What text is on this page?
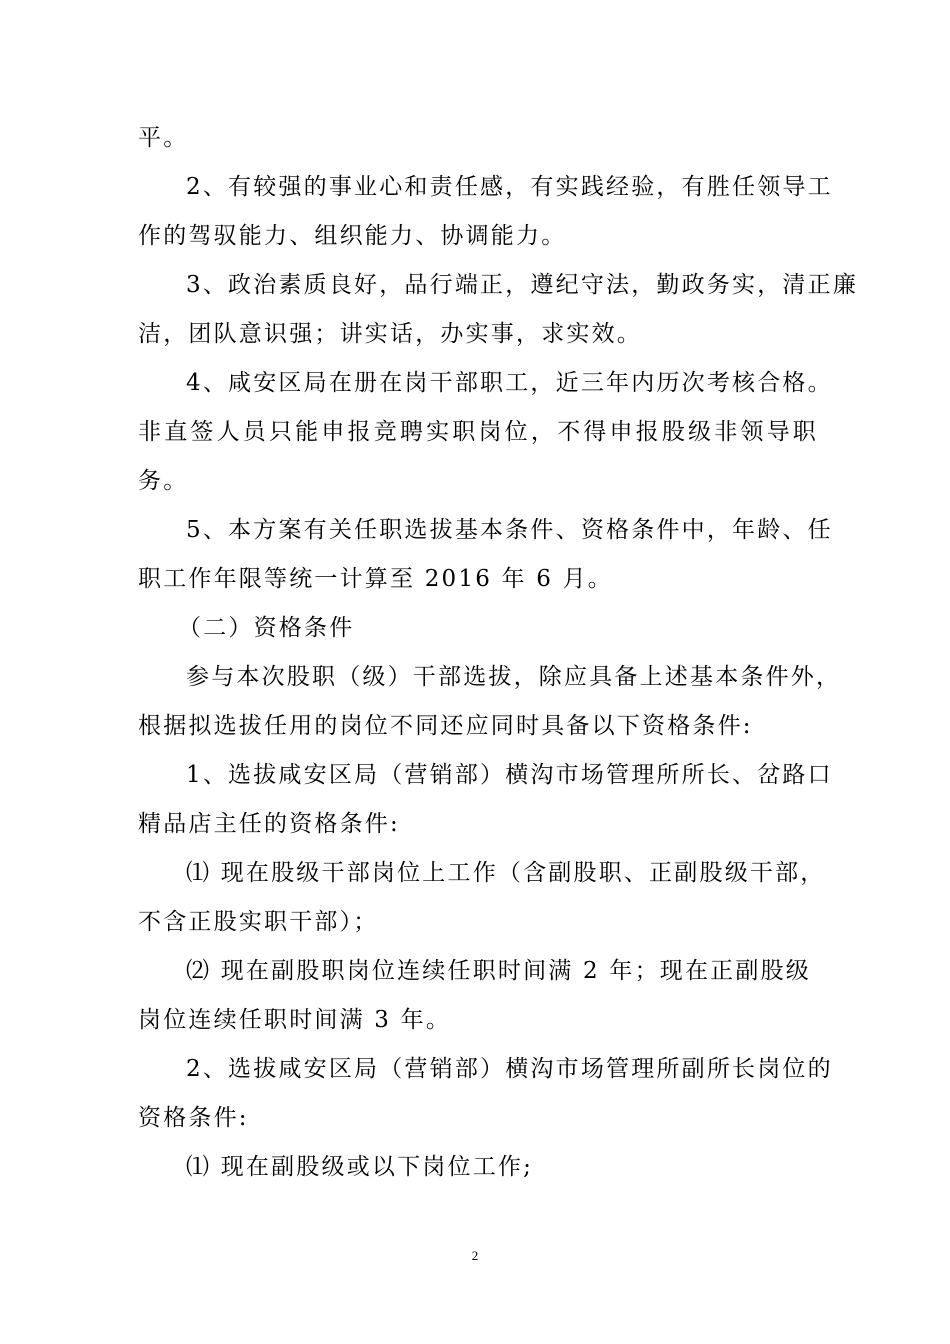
平。
2、有较强的事业心和责任感，有实践经验，有胜任领导工
作的驾驭能力、组织能力、协调能力。
3、政治素质良好，品行端正，遵纪守法，勤政务实，清正廉
洁，团队意识强；讲实话，办实事，求实效。
4、咸安区局在册在岗干部职工，近三年内历次考核合格。
非直签人员只能申报竞聘实职岗位，不得申报股级非领导职
务。
5、本方案有关任职选拔基本条件、资格条件中，年龄、任
职工作年限等统一计算至 2016 年 6 月。
（二）资格条件
参与本次股职（级）干部选拔，除应具备上述基本条件外，
根据拟选拔任用的岗位不同还应同时具备以下资格条件:
1、选拔咸安区局（营销部）横沟市场管理所所长、岔路口
精品店主任的资格条件:
⑴ 现在股级干部岗位上工作（含副股职、正副股级干部，
不含正股实职干部）；
⑵ 现在副股职岗位连续任职时间满 2 年；现在正副股级
岗位连续任职时间满 3 年。
2、选拔咸安区局（营销部）横沟市场管理所副所长岗位的
资格条件:
⑴ 现在副股级或以下岗位工作;
2
